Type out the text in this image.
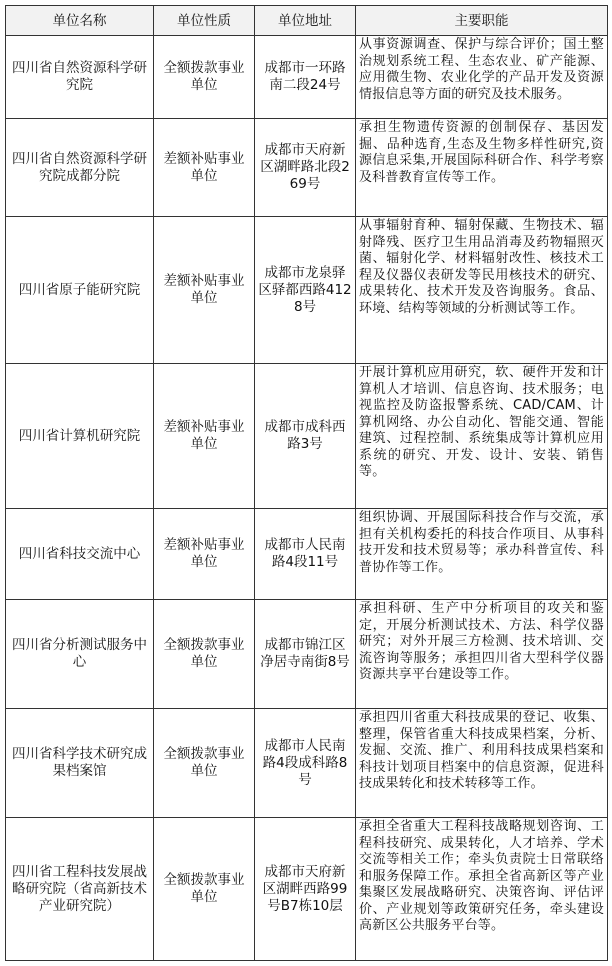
单位名称	单位性质	单位地址	主要职能
四川省自然资源科学研究院	全额拨款事业单位	成都市一环路南二段24号	从事资源调查、保护与综合评价；国土整治规划系统工程、生态农业、矿产能源、应用微生物、农业化学的产品开发及资源情报信息等方面的研究及技术服务。
四川省自然资源科学研究院成都分院	差额补贴事业单位	成都市天府新区湖畔路北段269号	承担生物遗传资源的创制保存、基因发掘、品种选育,生态及生物多样性研究,资源信息采集,开展国际科研合作、科学考察及科普教育宣传等工作。
四川省原子能研究院	差额补贴事业单位	成都市龙泉驿区驿都西路4128号	从事辐射育种、辐射保藏、生物技术、辐射降残、医疗卫生用品消毒及药物辐照灭菌、辐射化学、材料辐射改性、核技术工程及仪器仪表研发等民用核技术的研究、成果转化、技术开发及咨询服务。食品、环境、结构等领域的分析测试等工作。
四川省计算机研究院	差额补贴事业单位	成都市成科西路3号	开展计算机应用研究，软、硬件开发和计算机人才培训、信息咨询、技术服务；电视监控及防盗报警系统、CAD/CAM、计算机网络、办公自动化、智能交通、智能建筑、过程控制、系统集成等计算机应用系统的研究、开发、设计、安装、销售等。
四川省科技交流中心	差额补贴事业单位	成都市人民南路4段11号	组织协调、开展国际科技合作与交流，承担有关机构委托的科技合作项目、从事科技开发和技术贸易等；承办科普宣传、科普协作等工作。
四川省分析测试服务中心	全额拨款事业单位	成都市锦江区净居寺南街8号	承担科研、生产中分析项目的攻关和鉴定，开展分析测试技术、方法、科学仪器研究；对外开展三方检测、技术培训、交流咨询等服务；承担四川省大型科学仪器资源共享平台建设等工作。
四川省科学技术研究成果档案馆	全额拨款事业单位	成都市人民南路4段成科路8号	承担四川省重大科技成果的登记、收集、整理，保管省重大科技成果档案，分析、发掘、交流、推广、利用科技成果档案和科技计划项目档案中的信息资源，促进科技成果转化和技术转移等工作。
四川省工程科技发展战略研究院（省高新技术产业研究院）	全额拨款事业单位	成都市天府新区湖畔西路99号B7栋10层	承担全省重大工程科技战略规划咨询、工程科技研究、成果转化，人才培养、学术交流等相关工作；牵头负责院士日常联络和服务保障工作。承担全省高新区等产业集聚区发展战略研究、决策咨询、评估评价、产业规划等政策研究任务，牵头建设高新区公共服务平台等。
